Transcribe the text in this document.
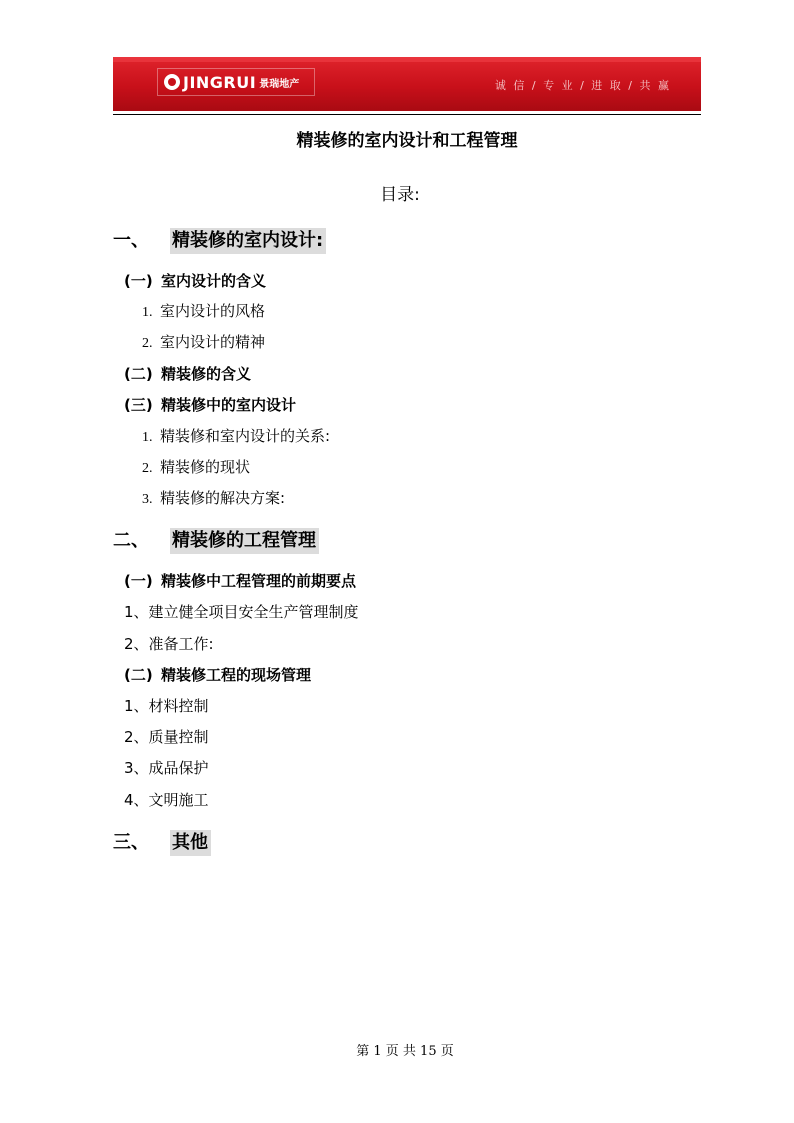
JINGRUI 景瑞地产	诚 信 / 专 业 / 进 取 / 共 赢
精装修的室内设计和工程管理
目录:
一、 精装修的室内设计:
(一) 室内设计的含义
1. 室内设计的风格
2. 室内设计的精神
(二) 精装修的含义
(三) 精装修中的室内设计
1. 精装修和室内设计的关系:
2. 精装修的现状
3. 精装修的解决方案:
二、 精装修的工程管理
(一) 精装修中工程管理的前期要点
1、建立健全项目安全生产管理制度
2、准备工作:
(二) 精装修工程的现场管理
1、材料控制
2、质量控制
3、成品保护
4、文明施工
三、 其他
第 1 页 共 15 页
